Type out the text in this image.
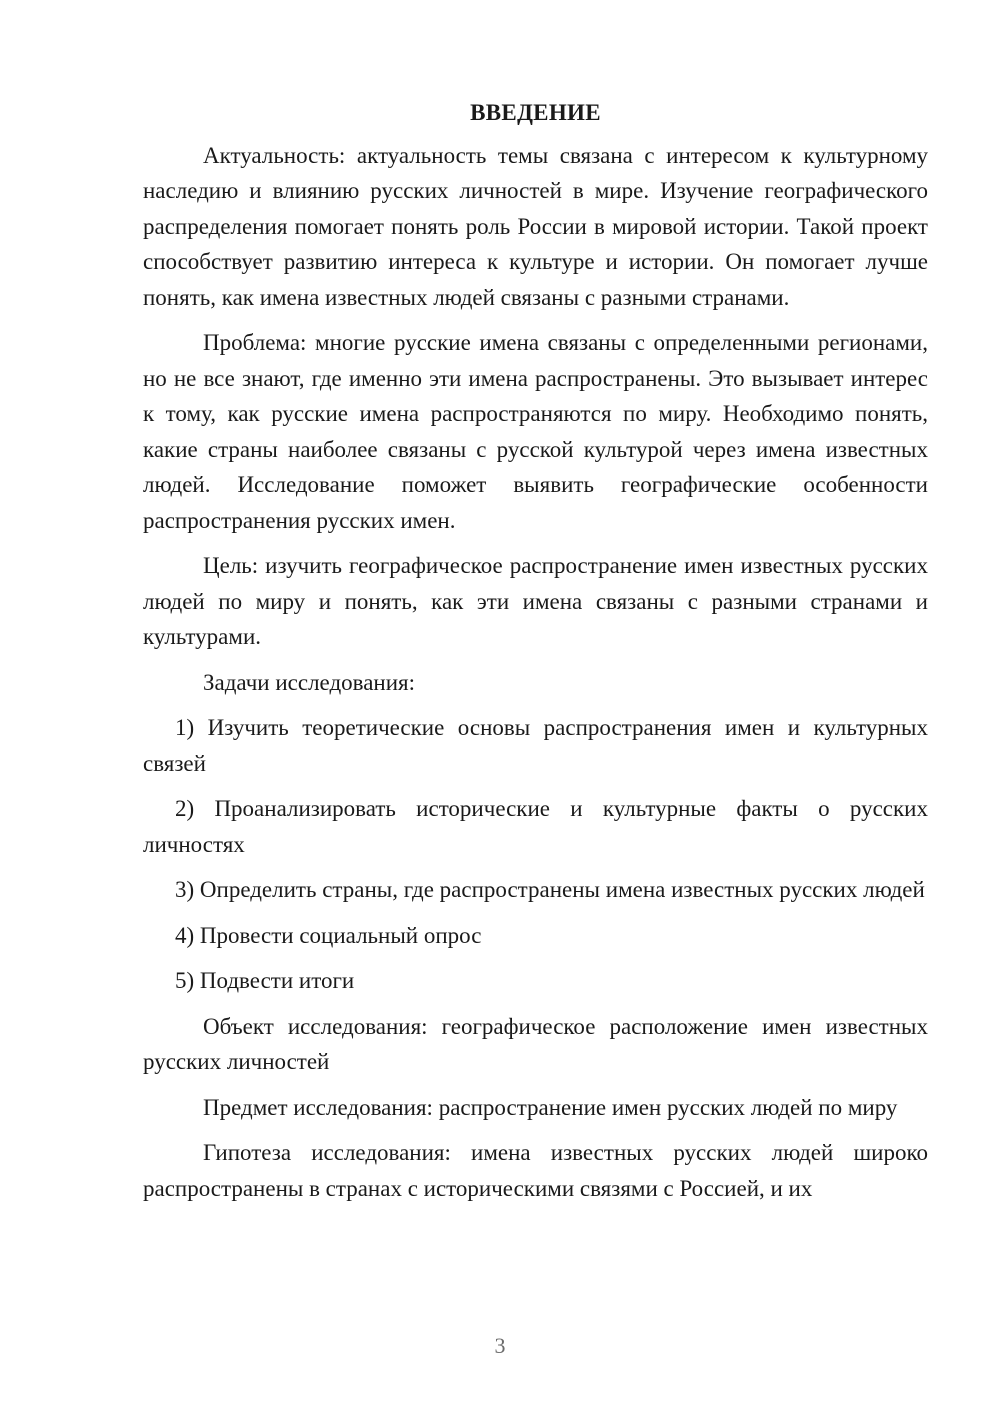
ВВЕДЕНИЕ

Актуальность: актуальность темы связана с интересом к культурному наследию и влиянию русских личностей в мире. Изучение географического распределения помогает понять роль России в мировой истории. Такой проект способствует развитию интереса к культуре и истории. Он помогает лучше понять, как имена известных людей связаны с разными странами.

Проблема: многие русские имена связаны с определенными регионами, но не все знают, где именно эти имена распространены. Это вызывает интерес к тому, как русские имена распространяются по миру. Необходимо понять, какие страны наиболее связаны с русской культурой через имена известных людей. Исследование поможет выявить географические особенности распространения русских имен.

Цель: изучить географическое распространение имен известных русских людей по миру и понять, как эти имена связаны с разными странами и культурами.

Задачи исследования:

1) Изучить теоретические основы распространения имен и культурных связей

2) Проанализировать исторические и культурные факты о русских личностях

3) Определить страны, где распространены имена известных русских людей

4) Провести социальный опрос

5) Подвести итоги

Объект исследования: географическое расположение имен известных русских личностей

Предмет исследования: распространение имен русских людей по миру

Гипотеза исследования: имена известных русских людей широко распространены в странах с историческими связями с Россией, и их

3
